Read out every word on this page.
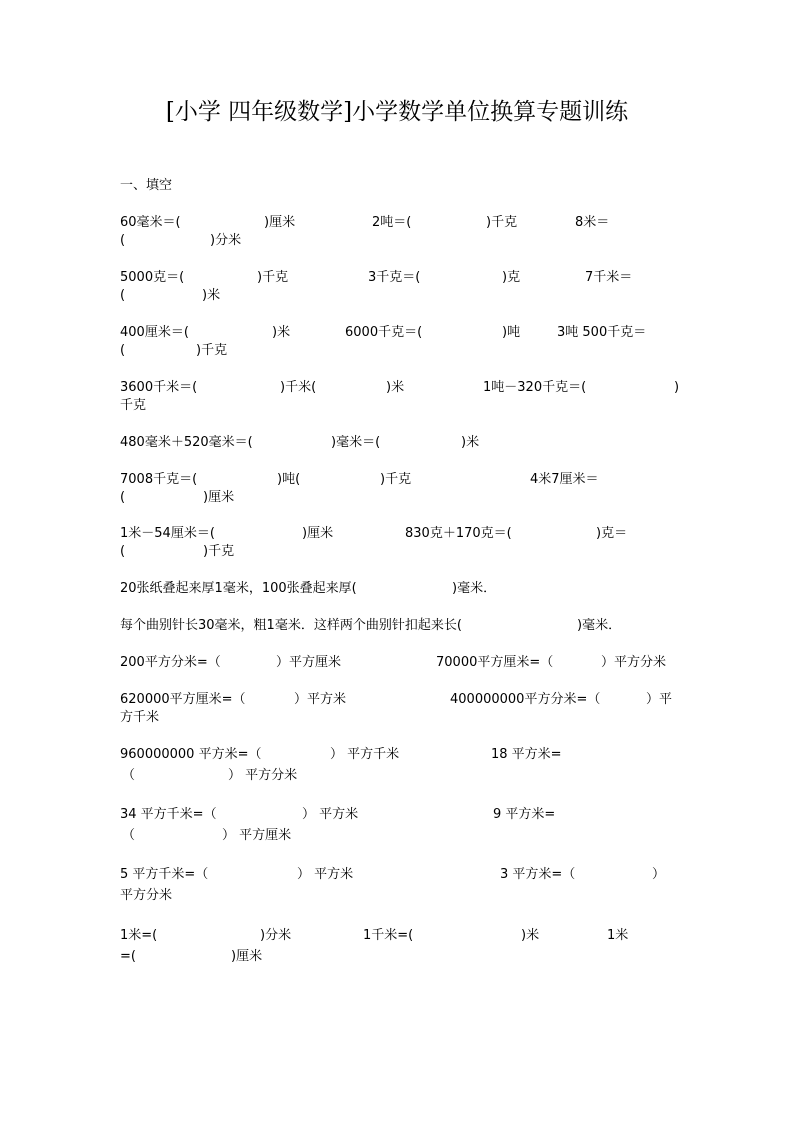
[小学 四年级数学]小学数学单位换算专题训练
一、填空
60毫米＝(	)厘米	2吨＝(	)千克	8米＝
(	)分米
5000克＝(	)千克	3千克＝(	)克	7千米＝
(	)米
400厘米＝(	)米	6000千克＝(	)吨	3吨 500千克＝
(	)千克
3600千米＝(	)千米(	)米	1吨－320千克＝(	)
千克
480毫米＋520毫米＝(	)毫米＝(	)米
7008千克＝(	)吨(	)千克	4米7厘米＝
(	)厘米
1米－54厘米＝(	)厘米	830克＋170克＝(	)克＝
(	)千克
20张纸叠起来厚1毫米，100张叠起来厚(	)毫米．
每个曲别针长30毫米，粗1毫米．这样两个曲别针扣起来长(	)毫米．
200平方分米=（	）平方厘米	70000平方厘米=（	）平方分米
620000平方厘米=（	）平方米	400000000平方分米=（	）平
方千米
960000000 平方米=（	） 平方千米	18 平方米=
（	） 平方分米
34 平方千米=（	） 平方米	9 平方米=
（	） 平方厘米
5 平方千米=（	） 平方米	3 平方米=（	）
平方分米
1米=(	)分米	1千米=(	)米	1米
=(	)厘米
